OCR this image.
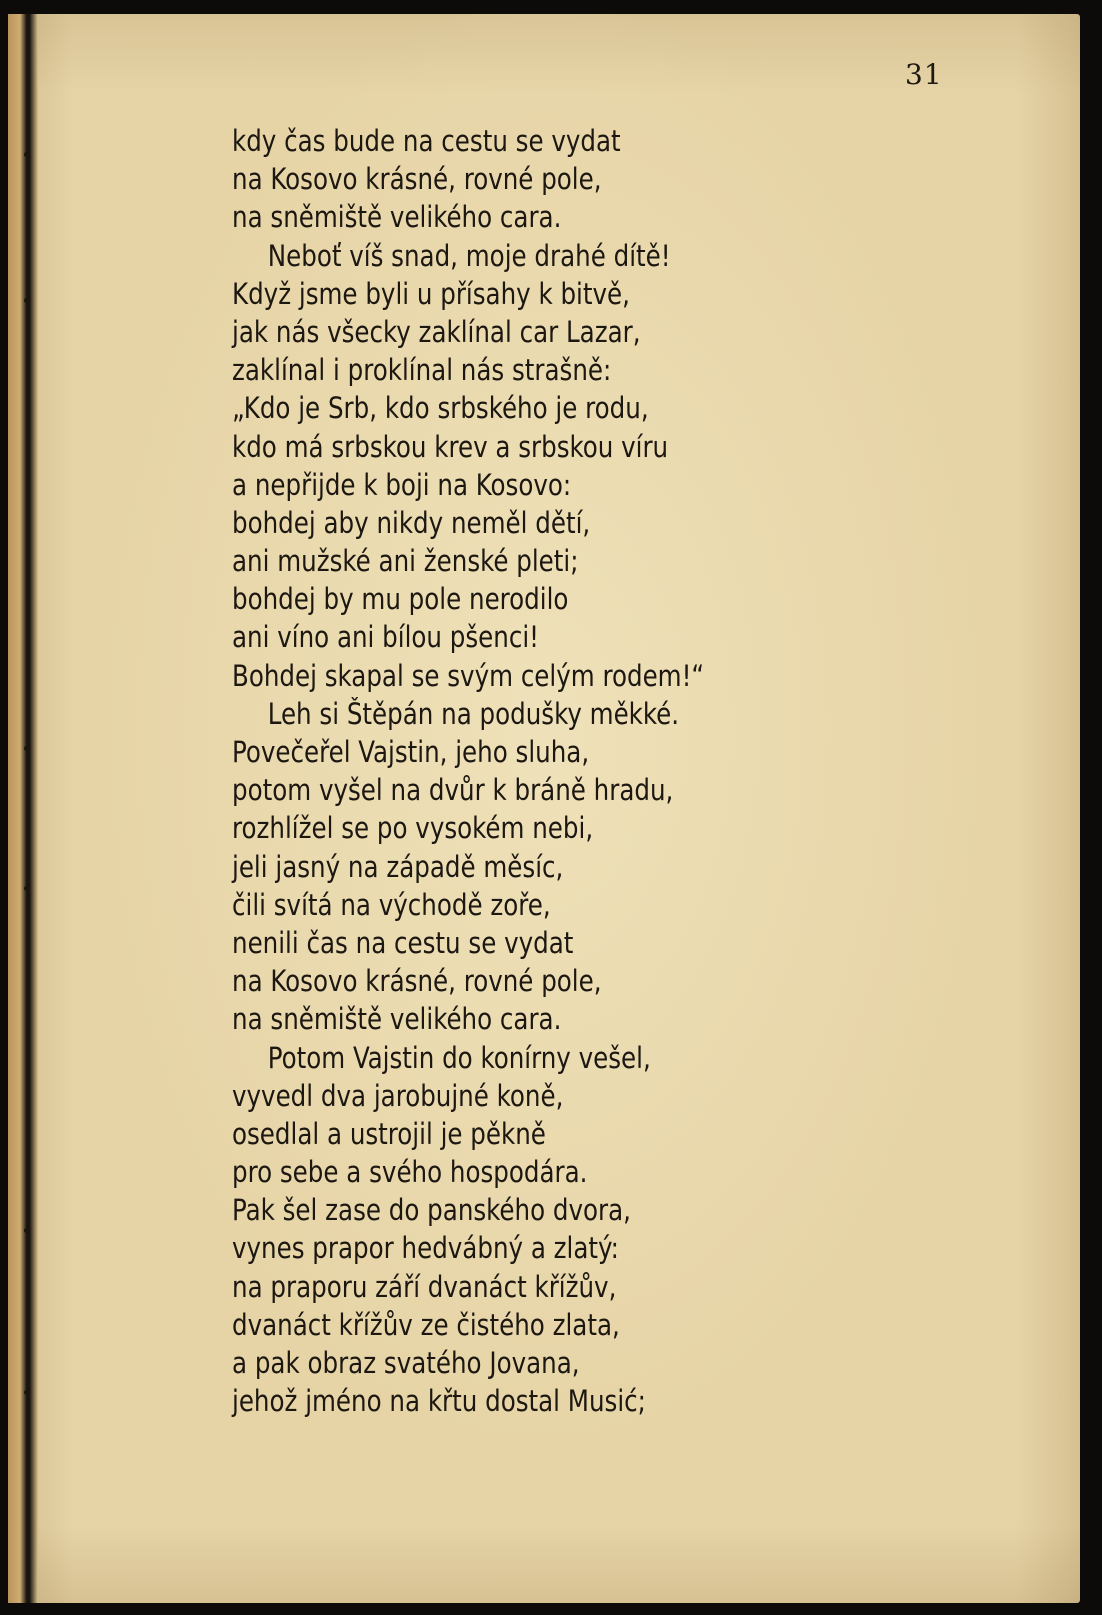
31
kdy čas bude na cestu se vydat
na Kosovo krásné, rovné pole,
na sněmiště velikého cara.
Neboť víš snad, moje drahé dítě!
Když jsme byli u přísahy k bitvě,
jak nás všecky zaklínal car Lazar,
zaklínal i proklínal nás strašně:
„Kdo je Srb, kdo srbského je rodu,
kdo má srbskou krev a srbskou víru
a nepřijde k boji na Kosovo:
bohdej aby nikdy neměl dětí,
ani mužské ani ženské pleti;
bohdej by mu pole nerodilo
ani víno ani bílou pšenci!
Bohdej skapal se svým celým rodem!“
Leh si Štěpán na podušky měkké.
Povečeřel Vajstin, jeho sluha,
potom vyšel na dvůr k bráně hradu,
rozhlížel se po vysokém nebi,
jeli jasný na západě měsíc,
čili svítá na východě zoře,
nenili čas na cestu se vydat
na Kosovo krásné, rovné pole,
na sněmiště velikého cara.
Potom Vajstin do konírny vešel,
vyvedl dva jarobujné koně,
osedlal a ustrojil je pěkně
pro sebe a svého hospodára.
Pak šel zase do panského dvora,
vynes prapor hedvábný a zlatý:
na praporu září dvanáct křížův,
dvanáct křížův ze čistého zlata,
a pak obraz svatého Jovana,
jehož jméno na křtu dostal Musić;
